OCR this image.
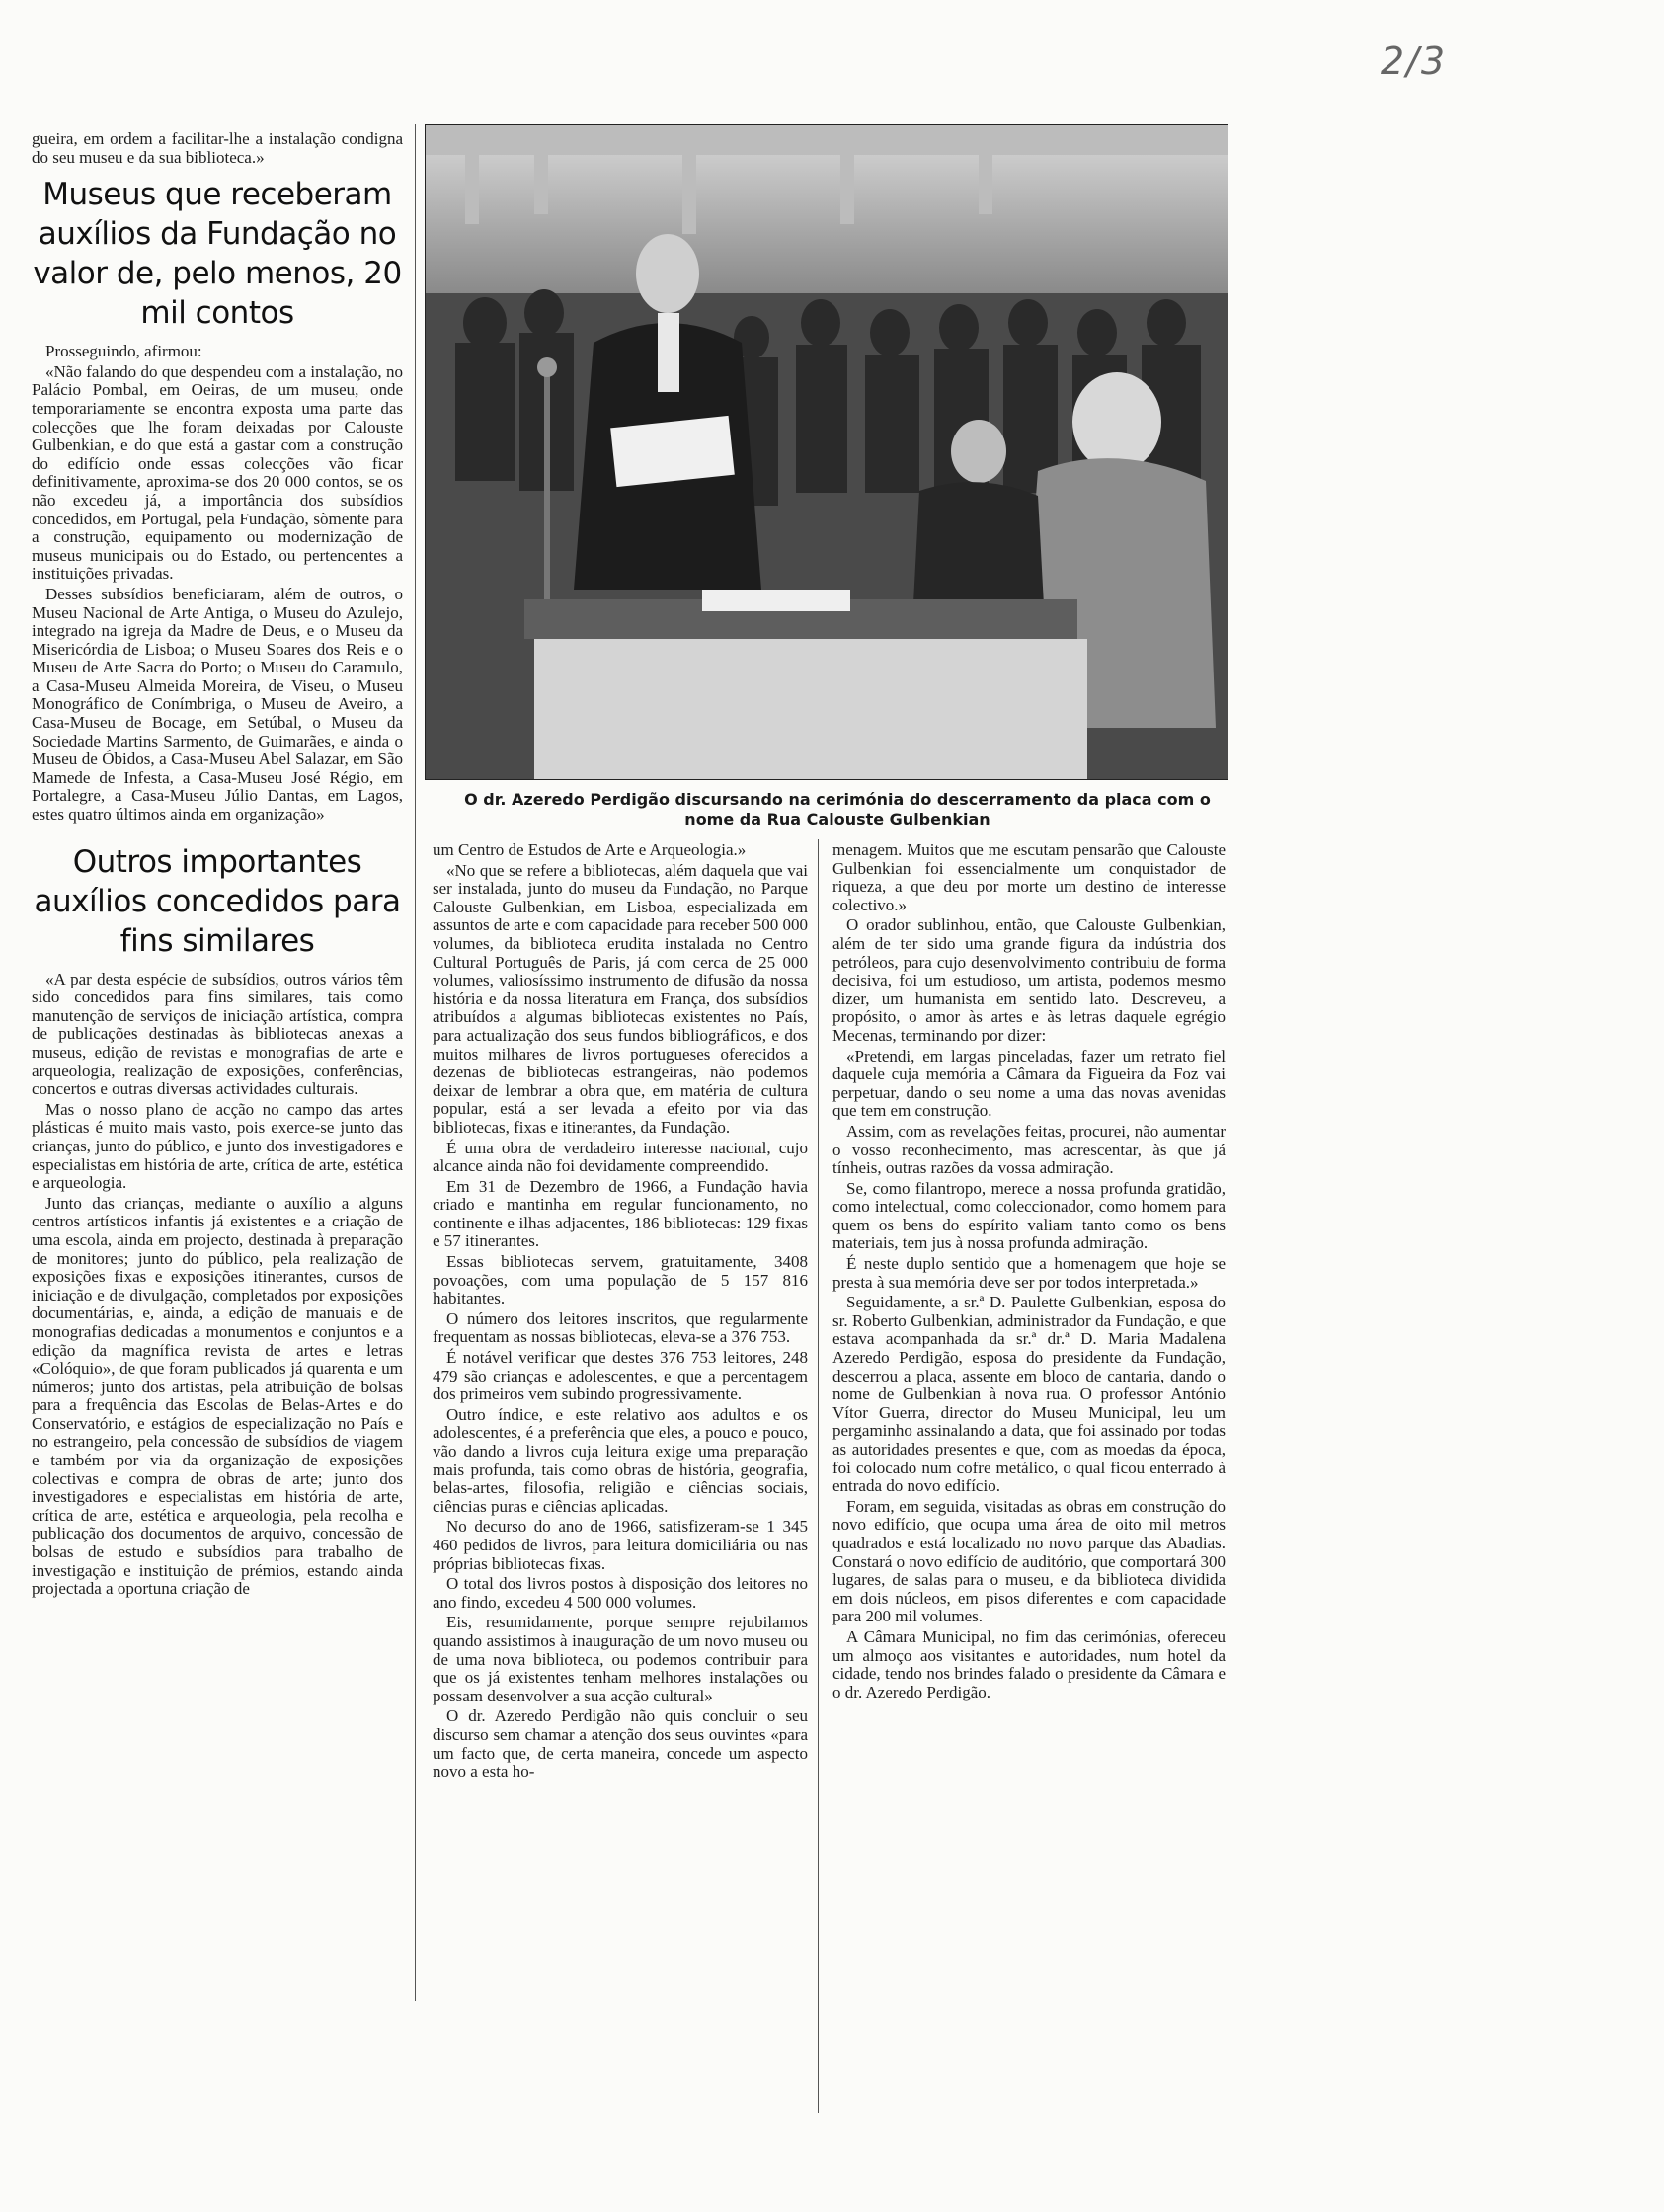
2/3

gueira, em ordem a facilitar-lhe a instalação condigna do seu museu e da sua biblioteca.»

Museus que receberam auxílios da Fundação no valor de, pelo menos, 20 mil contos

Prosseguindo, afirmou:

«Não falando do que despendeu com a instalação, no Palácio Pombal, em Oeiras, de um museu, onde temporariamente se encontra exposta uma parte das colecções que lhe foram deixadas por Calouste Gulbenkian, e do que está a gastar com a construção do edifício onde essas colecções vão ficar definitivamente, aproxima-se dos 20 000 contos, se os não excedeu já, a importância dos subsídios concedidos, em Portugal, pela Fundação, sòmente para a construção, equipamento ou modernização de museus municipais ou do Estado, ou pertencentes a instituições privadas.

Desses subsídios beneficiaram, além de outros, o Museu Nacional de Arte Antiga, o Museu do Azulejo, integrado na igreja da Madre de Deus, e o Museu da Misericórdia de Lisboa; o Museu Soares dos Reis e o Museu de Arte Sacra do Porto; o Museu do Caramulo, a Casa-Museu Almeida Moreira, de Viseu, o Museu Monográfico de Conímbriga, o Museu de Aveiro, a Casa-Museu de Bocage, em Setúbal, o Museu da Sociedade Martins Sarmento, de Guimarães, e ainda o Museu de Óbidos, a Casa-Museu Abel Salazar, em São Mamede de Infesta, a Casa-Museu José Régio, em Portalegre, a Casa-Museu Júlio Dantas, em Lagos, estes quatro últimos ainda em organização»

Outros importantes auxílios concedidos para fins similares

«A par desta espécie de subsídios, outros vários têm sido concedidos para fins similares, tais como manutenção de serviços de iniciação artística, compra de publicações destinadas às bibliotecas anexas a museus, edição de revistas e monografias de arte e arqueologia, realização de exposições, conferências, concertos e outras diversas actividades culturais.

Mas o nosso plano de acção no campo das artes plásticas é muito mais vasto, pois exerce-se junto das crianças, junto do público, e junto dos investigadores e especialistas em história de arte, crítica de arte, estética e arqueologia.

Junto das crianças, mediante o auxílio a alguns centros artísticos infantis já existentes e a criação de uma escola, ainda em projecto, destinada à preparação de monitores; junto do público, pela realização de exposições fixas e exposições itinerantes, cursos de iniciação e de divulgação, completados por exposições documentárias, e, ainda, a edição de manuais e de monografias dedicadas a monumentos e conjuntos e a edição da magnífica revista de artes e letras «Colóquio», de que foram publicados já quarenta e um números; junto dos artistas, pela atribuição de bolsas para a frequência das Escolas de Belas-Artes e do Conservatório, e estágios de especialização no País e no estrangeiro, pela concessão de subsídios de viagem e também por via da organização de exposições colectivas e compra de obras de arte; junto dos investigadores e especialistas em história de arte, crítica de arte, estética e arqueologia, pela recolha e publicação dos documentos de arquivo, concessão de bolsas de estudo e subsídios para trabalho de investigação e instituição de prémios, estando ainda projectada a oportuna criação de

O dr. Azeredo Perdigão discursando na cerimónia do descerramento da placa com o nome da Rua Calouste Gulbenkian

um Centro de Estudos de Arte e Arqueologia.»

«No que se refere a bibliotecas, além daquela que vai ser instalada, junto do museu da Fundação, no Parque Calouste Gulbenkian, em Lisboa, especializada em assuntos de arte e com capacidade para receber 500 000 volumes, da biblioteca erudita instalada no Centro Cultural Português de Paris, já com cerca de 25 000 volumes, valiosíssimo instrumento de difusão da nossa história e da nossa literatura em França, dos subsídios atribuídos a algumas bibliotecas existentes no País, para actualização dos seus fundos bibliográficos, e dos muitos milhares de livros portugueses oferecidos a dezenas de bibliotecas estrangeiras, não podemos deixar de lembrar a obra que, em matéria de cultura popular, está a ser levada a efeito por via das bibliotecas, fixas e itinerantes, da Fundação.

É uma obra de verdadeiro interesse nacional, cujo alcance ainda não foi devidamente compreendido.

Em 31 de Dezembro de 1966, a Fundação havia criado e mantinha em regular funcionamento, no continente e ilhas adjacentes, 186 bibliotecas: 129 fixas e 57 itinerantes.

Essas bibliotecas servem, gratuitamente, 3408 povoações, com uma população de 5 157 816 habitantes.

O número dos leitores inscritos, que regularmente frequentam as nossas bibliotecas, eleva-se a 376 753.

É notável verificar que destes 376 753 leitores, 248 479 são crianças e adolescentes, e que a percentagem dos primeiros vem subindo progressivamente.

Outro índice, e este relativo aos adultos e os adolescentes, é a preferência que eles, a pouco e pouco, vão dando a livros cuja leitura exige uma preparação mais profunda, tais como obras de história, geografia, belas-artes, filosofia, religião e ciências sociais, ciências puras e ciências aplicadas.

No decurso do ano de 1966, satisfizeram-se 1 345 460 pedidos de livros, para leitura domiciliária ou nas próprias bibliotecas fixas.

O total dos livros postos à disposição dos leitores no ano findo, excedeu 4 500 000 volumes.

Eis, resumidamente, porque sempre rejubilamos quando assistimos à inauguração de um novo museu ou de uma nova biblioteca, ou podemos contribuir para que os já existentes tenham melhores instalações ou possam desenvolver a sua acção cultural»

O dr. Azeredo Perdigão não quis concluir o seu discurso sem chamar a atenção dos seus ouvintes «para um facto que, de certa maneira, concede um aspecto novo a esta ho-

menagem. Muitos que me escutam pensarão que Calouste Gulbenkian foi essencialmente um conquistador de riqueza, a que deu por morte um destino de interesse colectivo.»

O orador sublinhou, então, que Calouste Gulbenkian, além de ter sido uma grande figura da indústria dos petróleos, para cujo desenvolvimento contribuiu de forma decisiva, foi um estudioso, um artista, podemos mesmo dizer, um humanista em sentido lato. Descreveu, a propósito, o amor às artes e às letras daquele egrégio Mecenas, terminando por dizer:

«Pretendi, em largas pinceladas, fazer um retrato fiel daquele cuja memória a Câmara da Figueira da Foz vai perpetuar, dando o seu nome a uma das novas avenidas que tem em construção.

Assim, com as revelações feitas, procurei, não aumentar o vosso reconhecimento, mas acrescentar, às que já tínheis, outras razões da vossa admiração.

Se, como filantropo, merece a nossa profunda gratidão, como intelectual, como coleccionador, como homem para quem os bens do espírito valiam tanto como os bens materiais, tem jus à nossa profunda admiração.

É neste duplo sentido que a homenagem que hoje se presta à sua memória deve ser por todos interpretada.»

Seguidamente, a sr.ª D. Paulette Gulbenkian, esposa do sr. Roberto Gulbenkian, administrador da Fundação, e que estava acompanhada da sr.ª dr.ª D. Maria Madalena Azeredo Perdigão, esposa do presidente da Fundação, descerrou a placa, assente em bloco de cantaria, dando o nome de Gulbenkian à nova rua. O professor António Vítor Guerra, director do Museu Municipal, leu um pergaminho assinalando a data, que foi assinado por todas as autoridades presentes e que, com as moedas da época, foi colocado num cofre metálico, o qual ficou enterrado à entrada do novo edifício.

Foram, em seguida, visitadas as obras em construção do novo edifício, que ocupa uma área de oito mil metros quadrados e está localizado no novo parque das Abadias. Constará o novo edifício de auditório, que comportará 300 lugares, de salas para o museu, e da biblioteca dividida em dois núcleos, em pisos diferentes e com capacidade para 200 mil volumes.

A Câmara Municipal, no fim das cerimónias, ofereceu um almoço aos visitantes e autoridades, num hotel da cidade, tendo nos brindes falado o presidente da Câmara e o dr. Azeredo Perdigão.
